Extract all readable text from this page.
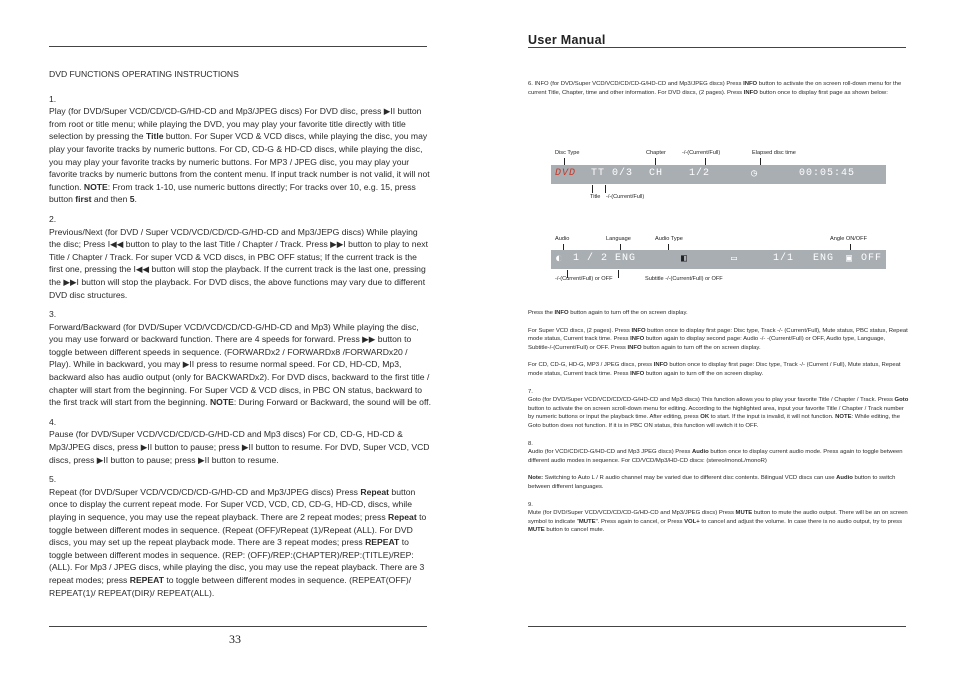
DVD FUNCTIONS OPERATING INSTRUCTIONS

1.

Play (for DVD/Super VCD/CD/CD-G/HD-CD and Mp3/JPEG discs) For DVD disc, press ▶II button from root or title menu; while playing the DVD, you may play your favorite title directly with title selection by pressing the Title button. For Super VCD & VCD discs, while playing the disc, you may play your favorite tracks by numeric buttons. For CD, CD-G & HD-CD discs, while playing the disc, you may play your favorite tracks by numeric buttons. For MP3 / JPEG disc, you may play your favorite tracks by numeric buttons from the content menu. If input track number is not valid, it will not function. NOTE: From track 1-10, use numeric buttons directly; For tracks over 10, e.g. 15, press button first and then 5.

2.

Previous/Next (for DVD / Super VCD/VCD/CD/CD-G/HD-CD and Mp3/JEPG discs) While playing the disc; Press I◀◀ button to play to the last Title / Chapter / Track. Press ▶▶I button to play to next Title / Chapter / Track. For super VCD & VCD discs, in PBC OFF status; If the current track is the first one, pressing the I◀◀ button will stop the playback. If the current track is the last one, pressing the ▶▶I button will stop the playback. For DVD discs, the above functions may vary due to different DVD disc structures.

3.

Forward/Backward (for DVD/Super VCD/VCD/CD/CD-G/HD-CD and Mp3) While playing the disc, you may use forward or backward function. There are 4 speeds for forward. Press ▶▶ button to toggle between different speeds in sequence. (FORWARDx2 / FORWARDx8 /FORWARDx20 / Play). While in backward, you may ▶II press to resume normal speed. For CD, HD-CD, Mp3, backward also has audio output (only for BACKWARDx2). For DVD discs, backward to the first title / chapter will start from the beginning. For Super VCD & VCD discs, in PBC ON status, backward to the first track will start from the beginning. NOTE: During Forward or Backward, the sound will be off.

4.

Pause (for DVD/Super VCD/VCD/CD/CD-G/HD-CD and Mp3 discs) For CD, CD-G, HD-CD & Mp3/JPEG discs, press ▶II button to pause; press ▶II button to resume. For DVD, Super VCD, VCD discs, press ▶II button to pause; press ▶II button to resume.

5.

Repeat (for DVD/Super VCD/VCD/CD/CD-G/HD-CD and Mp3/JPEG discs) Press Repeat button once to display the current repeat mode. For Super VCD, VCD, CD, CD-G, HD-CD, discs, while playing in sequence, you may use the repeat playback. There are 2 repeat modes; press Repeat to toggle between different modes in sequence. (Repeat (OFF)/Repeat (1)/Repeat (ALL). For DVD discs, you may set up the repeat playback mode. There are 3 repeat modes; press REPEAT to toggle between different modes in sequence. (REP: (OFF)/REP:(CHAPTER)/REP:(TITLE)/REP:(ALL). For Mp3 / JPEG discs, while playing the disc, you may use the repeat playback. There are 3 repeat modes; press REPEAT to toggle between different modes in sequence. (REPEAT(OFF)/ REPEAT(1)/ REPEAT(DIR)/ REPEAT(ALL).

33
User Manual

6. INFO (for DVD/Super VCD/VCD/CD/CD-G/HD-CD and Mp3/JPEG discs) Press INFO button to activate the on screen roll-down menu for the current Title, Chapter, time and other information. For DVD discs, (2 pages). Press INFO button once to display first page as shown below:

Disc Type	Chapter	-/-(Current/Full)	Elapsed disc time
DVD TT 0/3 CH	1/2	◷	00:05:45
Title -/-(Current/Full)
Audio	Language	Audio Type	Angle ON/OFF
◐ 1 / 2 ENG	◧	▭	1/1 ENG ▣ OFF
-/-(Current/Full) or OFF	Subtitle -/-(Current/Full) or OFF

Press the INFO button again to turn off the on screen display.

For Super VCD discs, (2 pages). Press INFO button once to display first page: Disc type, Track -/- (Current/Full), Mute status, PBC status, Repeat mode status, Current track time. Press INFO button again to display second page: Audio -/- -(Current/Full) or OFF, Audio type, Language, Subtitle-/-(Current/Full) or OFF. Press INFO button again to turn off the on screen display.

For CD, CD-G, HD-G, MP3 / JPEG discs, press INFO button once to display first page: Disc type, Track -/- (Current / Full), Mute status, Repeat mode status, Current track time. Press INFO button again to turn off the on screen display.

7.
Goto (for DVD/Super VCD/VCD/CD/CD-G/HD-CD and Mp3 discs) This function allows you to play your favorite Title / Chapter / Track. Press Goto button to activate the on screen scroll-down menu for editing. According to the highlighted area, input your favorite Title / Chapter / Track number by numeric buttons or input the playback time. After editing, press OK to start. If the input is invalid, it will not function. NOTE: While editing, the Goto button does not function. If it is in PBC ON status, this function will switch it to OFF.

8.
Audio (for VCD/CD/CD-G/HD-CD and Mp3 JPEG discs) Press Audio button once to display current audio mode. Press again to toggle between different audio modes in sequence. For CD/VCD/Mp3/HD-CD discs: (stereo/monoL/monoR)

Note: Switching to Auto L / R audio channel may be varied due to different disc contents. Bilingual VCD discs can use Audio button to switch between different languages.

9.
Mute (for DVD/Super VCD/VCD/CD/CD-G/HD-CD and Mp3/JPEG discs) Press MUTE button to mute the audio output. There will be an on screen symbol to indicate "MUTE". Press again to cancel, or Press VOL+ to cancel and adjust the volume. In case there is no audio output, try to press MUTE button to cancel mute.
